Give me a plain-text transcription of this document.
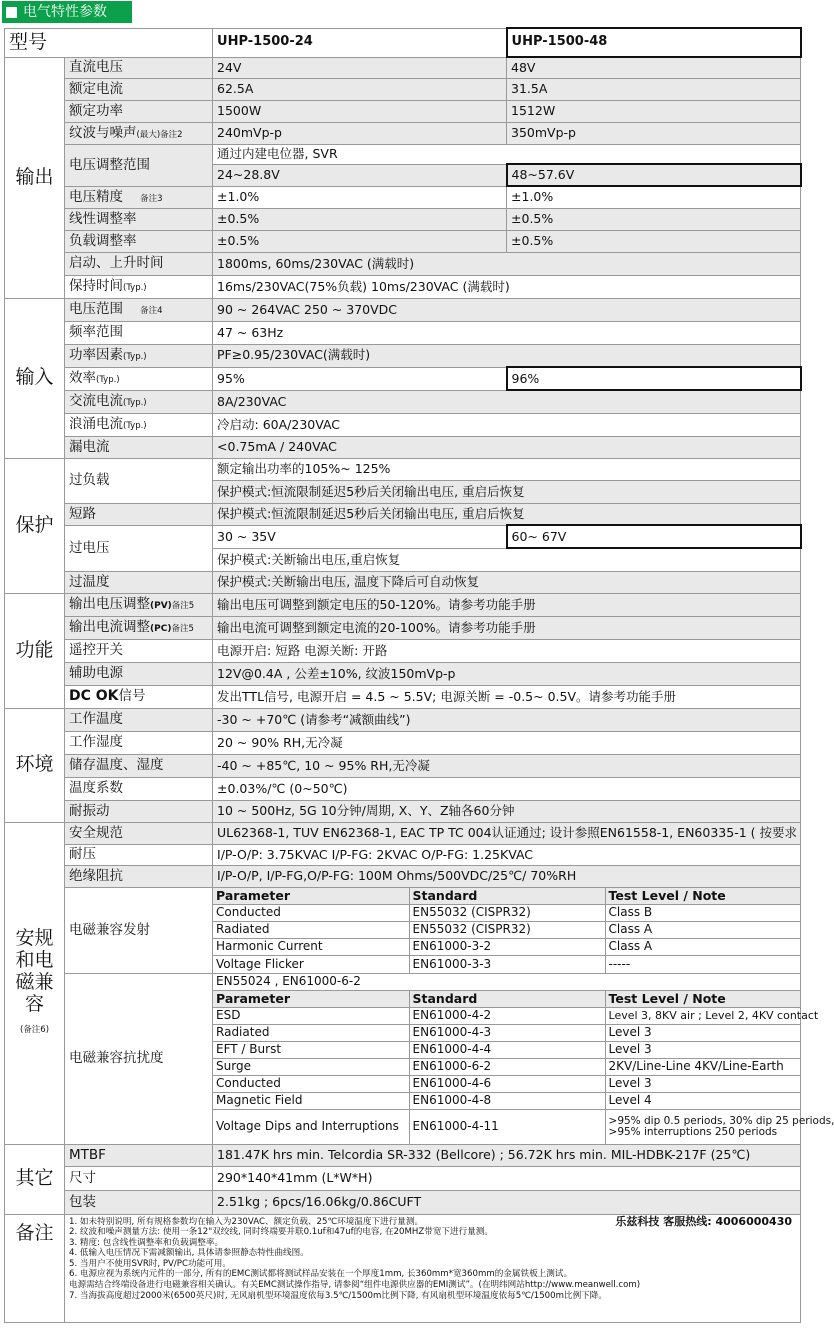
电气特性参数
型号	UHP-1500-24	UHP-1500-48
输出	直流电压	24V	48V
额定电流	62.5A	31.5A
额定功率	1500W	1512W
纹波与噪声(最大)备注2	240mVp-p	350mVp-p
电压调整范围	通过内建电位器, SVR
24~28.8V	48~57.6V
电压精度 备注3	±1.0%	±1.0%
线性调整率	±0.5%	±0.5%
负载调整率	±0.5%	±0.5%
启动、上升时间	1800ms, 60ms/230VAC (满载时)
保持时间(Typ.)	16ms/230VAC(75%负载) 10ms/230VAC (满载时)
输入	电压范围 备注4	90 ~ 264VAC 250 ~ 370VDC
频率范围	47 ~ 63Hz
功率因素(Typ.)	PF≥0.95/230VAC(满载时)
效率(Typ.)	95%	96%
交流电流(Typ.)	8A/230VAC
浪涌电流(Typ.)	冷启动: 60A/230VAC
漏电流	<0.75mA / 240VAC
保护	过负载	额定输出功率的105%~ 125%
保护模式:恒流限制延迟5秒后关闭输出电压, 重启后恢复
短路	保护模式:恒流限制延迟5秒后关闭输出电压, 重启后恢复
过电压	30 ~ 35V	60~ 67V
保护模式:关断输出电压,重启恢复
过温度	保护模式:关断输出电压, 温度下降后可自动恢复
功能	输出电压调整(PV)备注5	输出电压可调整到额定电压的50-120%。请参考功能手册
输出电流调整(PC)备注5	输出电流可调整到额定电流的20-100%。请参考功能手册
遥控开关	电源开启: 短路 电源关断: 开路
辅助电源	12V@0.4A , 公差±10%, 纹波150mVp-p
DC OK信号	发出TTL信号, 电源开启 = 4.5 ~ 5.5V; 电源关断 = -0.5~ 0.5V。请参考功能手册
环境	工作温度	-30 ~ +70℃ (请参考“减额曲线”)
工作湿度	20 ~ 90% RH,无冷凝
储存温度、湿度	-40 ~ +85℃, 10 ~ 95% RH,无冷凝
温度系数	±0.03%/℃ (0~50℃)
耐振动	10 ~ 500Hz, 5G 10分钟/周期, X、Y、Z轴各60分钟
安规和电磁兼容
(备注6)	安全规范	UL62368-1, TUV EN62368-1, EAC TP TC 004认证通过; 设计参照EN61558-1, EN60335-1 ( 按要求
耐压	I/P-O/P: 3.75KVAC I/P-FG: 2KVAC O/P-FG: 1.25KVAC
绝缘阻抗	I/P-O/P, I/P-FG,O/P-FG: 100M Ohms/500VDC/25℃/ 70%RH
电磁兼容发射	
Parameter	Standard	Test Level / Note
Conducted	EN55032 (CISPR32)	Class B
Radiated	EN55032 (CISPR32)	Class A
Harmonic Current	EN61000-3-2	Class A
Voltage Flicker	EN61000-3-3	-----

电磁兼容抗扰度	
EN55024 , EN61000-6-2
Parameter	Standard	Test Level / Note
ESD	EN61000-4-2	Level 3, 8KV air ; Level 2, 4KV contact
Radiated	EN61000-4-3	Level 3
EFT / Burst	EN61000-4-4	Level 3
Surge	EN61000-6-2	2KV/Line-Line 4KV/Line-Earth
Conducted	EN61000-4-6	Level 3
Magnetic Field	EN61000-4-8	Level 4
Voltage Dips and Interruptions	EN61000-4-11	>95% dip 0.5 periods, 30% dip 25 periods,
>95% interruptions 250 periods

其它	MTBF	181.47K hrs min. Telcordia SR-332 (Bellcore) ; 56.72K hrs min. MIL-HDBK-217F (25℃)
尺寸	290*140*41mm (L*W*H)
包装	2.51kg ; 6pcs/16.06kg/0.86CUFT
备注	
乐兹科技 客服热线: 4006000430
1. 如未特别说明, 所有规格参数均在输入为230VAC、额定负载、25℃环境温度下进行量测。
2. 纹波和噪声测量方法: 使用一条12"双绞线, 同时终端要并联0.1uf和47uf的电容, 在20MHZ带宽下进行量测。
3. 精度: 包含线性调整率和负载调整率。
4. 低输入电压情况下需减额输出, 具体请参照静态特性曲线图。
5. 当用户不使用SVR时, PV/PC功能可用。
6. 电源应视为系统内元件的一部分, 所有的EMC测试都将测试样品安装在一个厚度1mm, 长360mm*宽360mm的金属铁板上测试。
电源需结合终端设备进行电磁兼容相关确认。有关EMC测试操作指导, 请参阅“组件电源供应器的EMI测试”。(在明纬网站http://www.meanwell.com)
7. 当海拔高度超过2000米(6500英尺)时, 无风扇机型环境温度依每3.5℃/1500m比例下降, 有风扇机型环境温度依每5℃/1500m比例下降。
